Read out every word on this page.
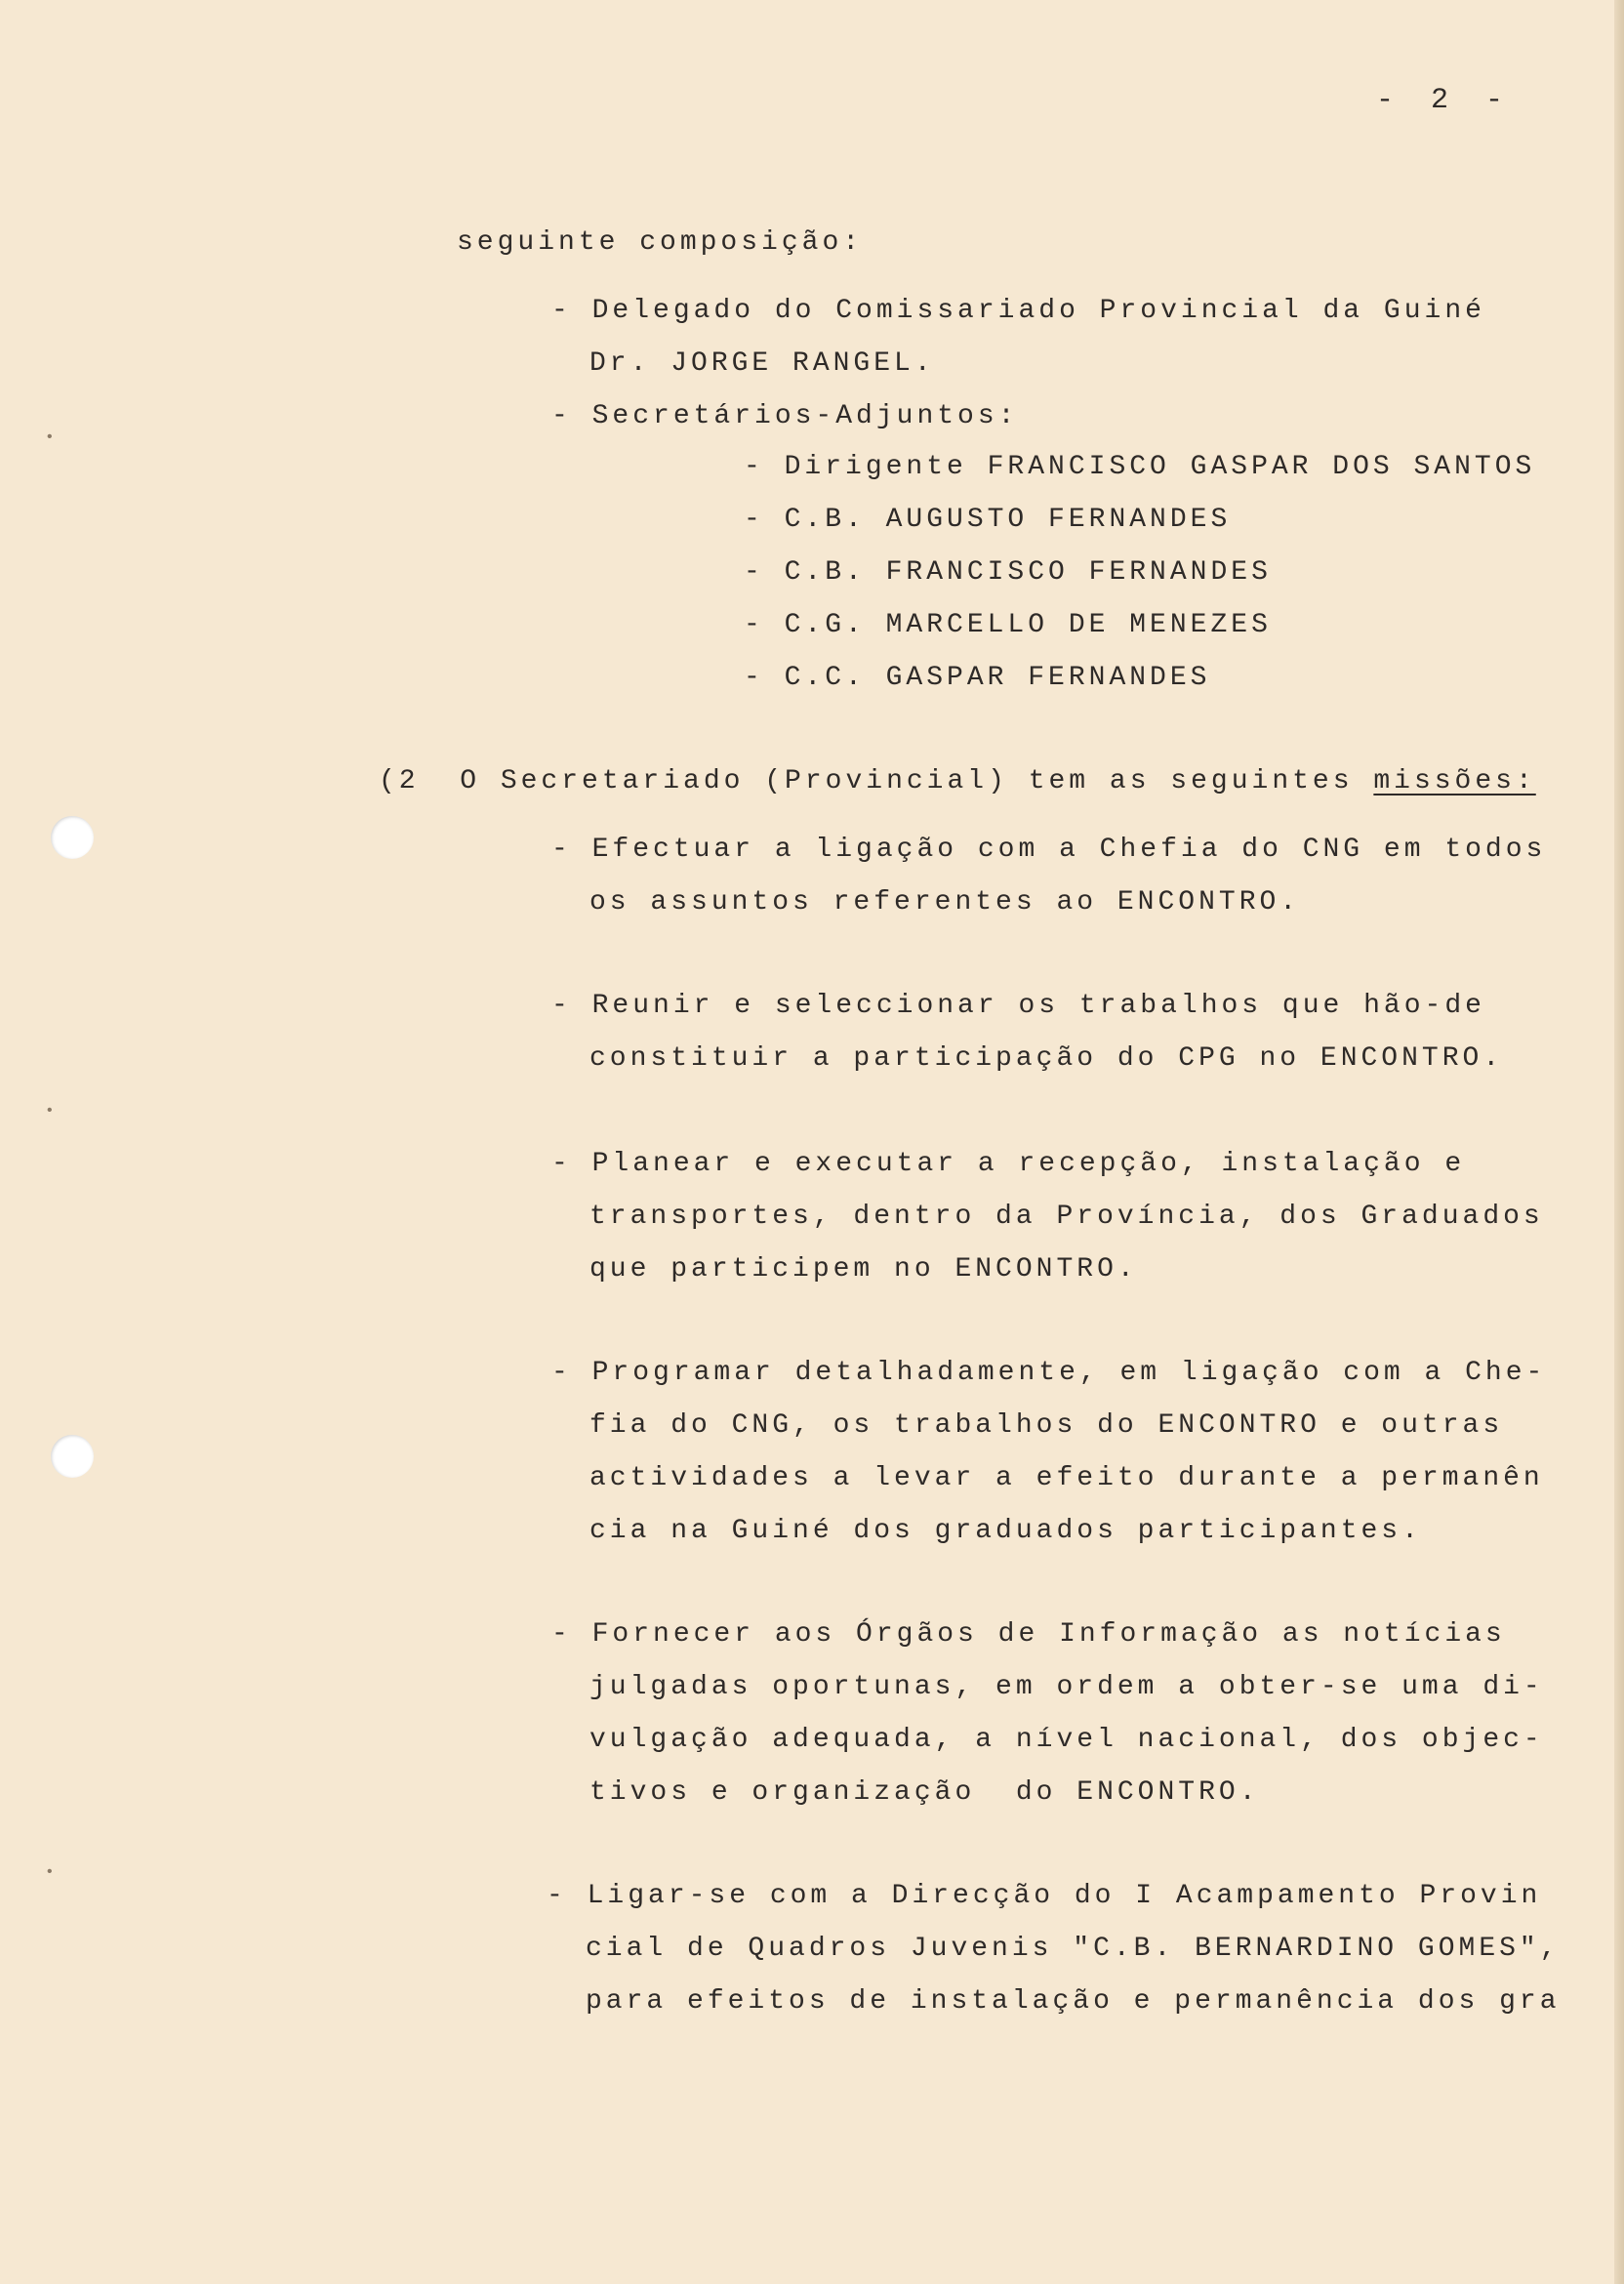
•
•
•
- 2 -
seguinte composição:
- Delegado do Comissariado Provincial da Guiné
Dr. JORGE RANGEL.
- Secretários-Adjuntos:
- Dirigente FRANCISCO GASPAR DOS SANTOS
- C.B. AUGUSTO FERNANDES
- C.B. FRANCISCO FERNANDES
- C.G. MARCELLO DE MENEZES
- C.C. GASPAR FERNANDES
(2  O Secretariado (Provincial) tem as seguintes missões:
- Efectuar a ligação com a Chefia do CNG em todos
os assuntos referentes ao ENCONTRO.
- Reunir e seleccionar os trabalhos que hão-de
constituir a participação do CPG no ENCONTRO.
- Planear e executar a recepção, instalação e
transportes, dentro da Província, dos Graduados
que participem no ENCONTRO.
- Programar detalhadamente, em ligação com a Che-
fia do CNG, os trabalhos do ENCONTRO e outras
actividades a levar a efeito durante a permanên
cia na Guiné dos graduados participantes.
- Fornecer aos Órgãos de Informação as notícias
julgadas oportunas, em ordem a obter-se uma di-
vulgação adequada, a nível nacional, dos objec-
tivos e organização  do ENCONTRO.
- Ligar-se com a Direcção do I Acampamento Provin
cial de Quadros Juvenis "C.B. BERNARDINO GOMES",
para efeitos de instalação e permanência dos gra
